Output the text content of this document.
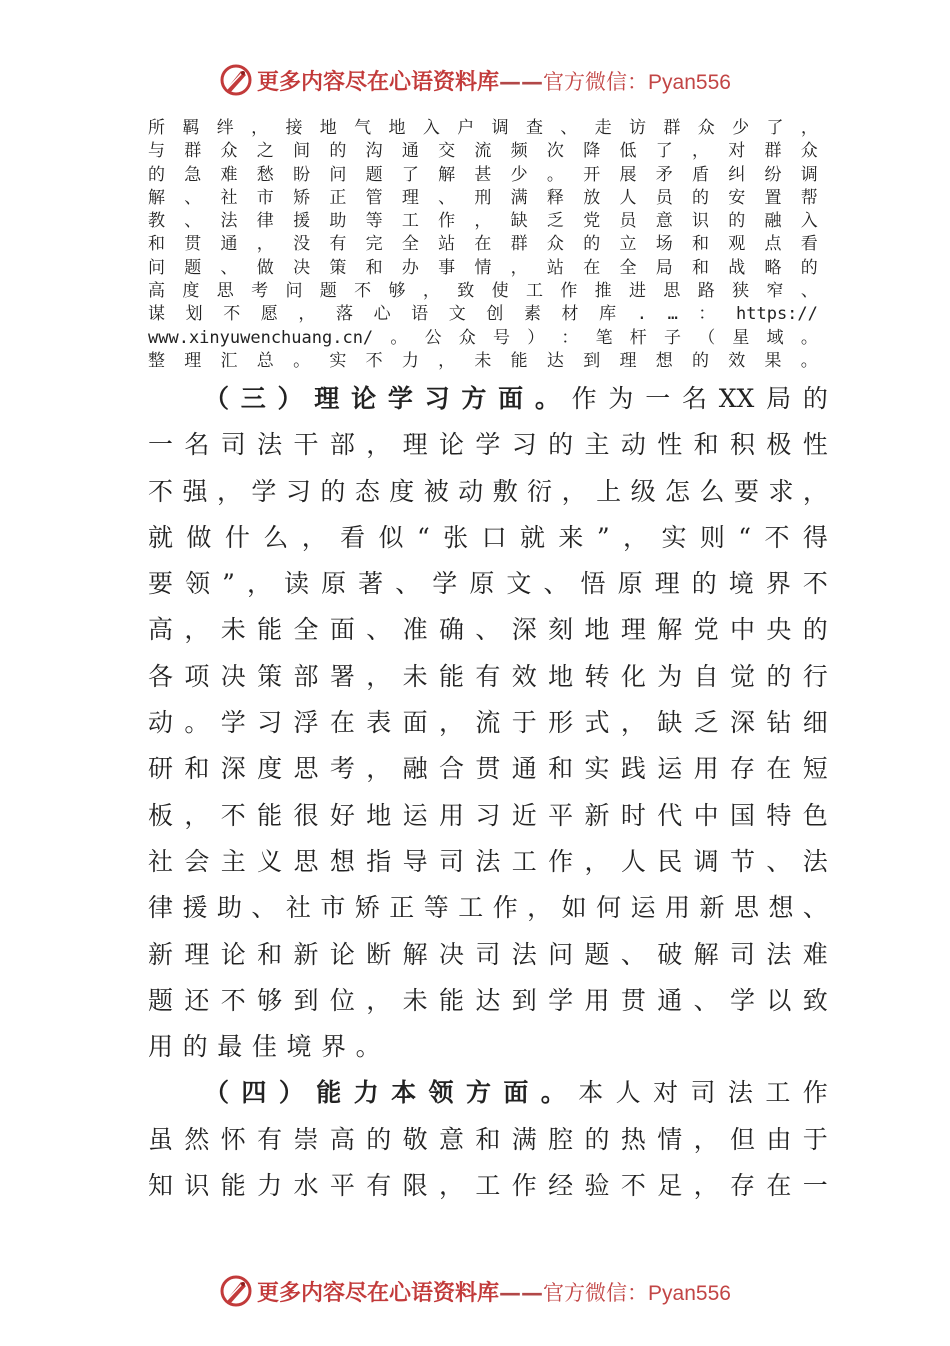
更多内容尽在心语资料库——官方微信：Pyan556
所 羁 绊 ， 接 地 气 地 入 户 调 查 、 走 访 群 众 少 了 ，
与 群 众 之 间 的 沟 通 交 流 频 次 降 低 了 ， 对 群 众
的 急 难 愁 盼 问 题 了 解 甚 少 。 开 展 矛 盾 纠 纷 调
解 、 社 市 矫 正 管 理 、 刑 满 释 放 人 员 的 安 置 帮
教 、 法 律 援 助 等 工 作 ， 缺 乏 党 员 意 识 的 融 入
和 贯 通 ， 没 有 完 全 站 在 群 众 的 立 场 和 观 点 看
问 题 、 做 决 策 和 办 事 情 ， 站 在 全 局 和 战 略 的
高 度 思 考 问 题 不 够 ， 致 使 工 作 推 进 思 路 狭 窄 、
谋 划 不 愿 ， 落 心 语 文 创 素 材 库 . … ： https://
www.xinyuwenchuang.cn/ 。 公 众 号 ） ： 笔 杆 子 （ 星 域 。
整 理 汇 总 。 实 不 力 ， 未 能 达 到 理 想 的 效 果 。
（ 三 ） 理 论 学 习 方 面 。 作 为 一 名 XX 局 的
一 名 司 法 干 部 ， 理 论 学 习 的 主 动 性 和 积 极 性
不 强 ， 学 习 的 态 度 被 动 敷 衍 ， 上 级 怎 么 要 求 ，
就 做 什 么 ， 看 似 “ 张 口 就 来 ” ， 实 则 “ 不 得
要 领 ” ， 读 原 著 、 学 原 文 、 悟 原 理 的 境 界 不
高 ， 未 能 全 面 、 准 确 、 深 刻 地 理 解 党 中 央 的
各 项 决 策 部 署 ， 未 能 有 效 地 转 化 为 自 觉 的 行
动 。 学 习 浮 在 表 面 ， 流 于 形 式 ， 缺 乏 深 钻 细
研 和 深 度 思 考 ， 融 合 贯 通 和 实 践 运 用 存 在 短
板 ， 不 能 很 好 地 运 用 习 近 平 新 时 代 中 国 特 色
社 会 主 义 思 想 指 导 司 法 工 作 ， 人 民 调 节 、 法
律 援 助 、 社 市 矫 正 等 工 作 ， 如 何 运 用 新 思 想 、
新 理 论 和 新 论 断 解 决 司 法 问 题 、 破 解 司 法 难
题 还 不 够 到 位 ， 未 能 达 到 学 用 贯 通 、 学 以 致
用 的 最 佳 境 界 。
（ 四 ） 能 力 本 领 方 面 。 本 人 对 司 法 工 作
虽 然 怀 有 崇 高 的 敬 意 和 满 腔 的 热 情 ， 但 由 于
知 识 能 力 水 平 有 限 ， 工 作 经 验 不 足 ， 存 在 一
更多内容尽在心语资料库——官方微信：Pyan556
